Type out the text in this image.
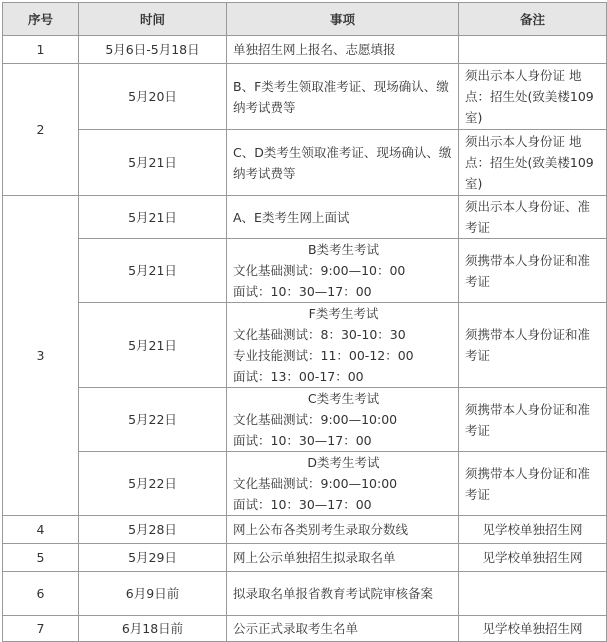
序号	时间	事项	备注
1	5月6日-5月18日	单独招生网上报名、志愿填报	
2	5月20日	B、F类考生领取准考证、现场确认、缴纳考试费等	须出示本人身份证 地点：招生处(致美楼109室)
	5月21日	C、D类考生领取准考证、现场确认、缴纳考试费等	须出示本人身份证 地点：招生处(致美楼109室)
3	5月21日	A、E类考生网上面试	须出示本人身份证、准考证
	5月21日	B类考生考试
文化基础测试：9:00—10：00
面试：10：30—17：00	须携带本人身份证和准考证
	5月21日	F类考生考试
文化基础测试：8：30-10：30
专业技能测试：11：00-12：00
面试：13：00-17：00	须携带本人身份证和准考证
	5月22日	C类考生考试
文化基础测试：9:00—10:00
面试：10：30—17：00	须携带本人身份证和准考证
	5月22日	D类考生考试
文化基础测试：9:00—10:00
面试：10：30—17：00	须携带本人身份证和准考证
4	5月28日	网上公布各类别考生录取分数线	见学校单独招生网
5	5月29日	网上公示单独招生拟录取名单	见学校单独招生网
6	6月9日前	拟录取名单报省教育考试院审核备案	
7	6月18日前	公示正式录取考生名单	见学校单独招生网
